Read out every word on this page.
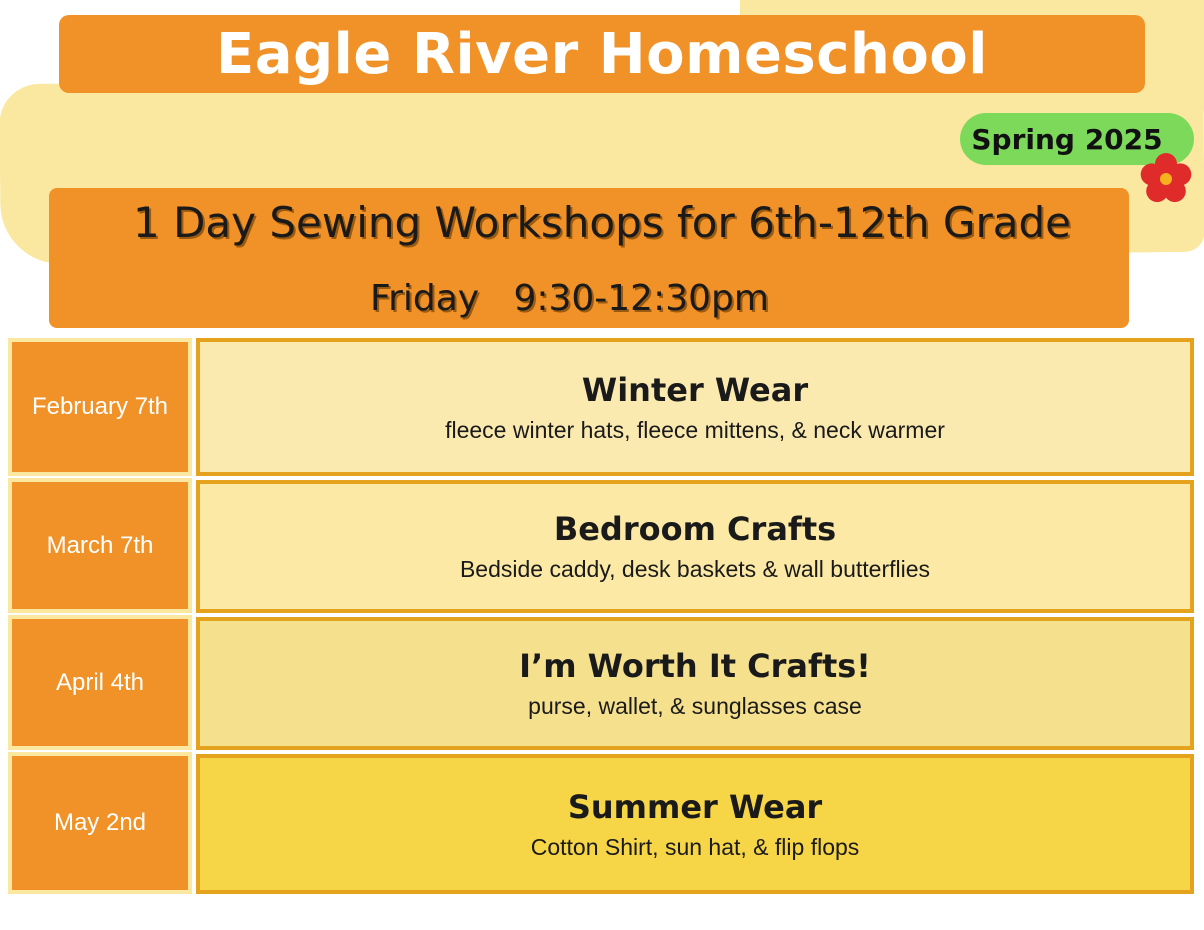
Eagle River Homeschool
Spring 2025
1 Day Sewing Workshops for 6th-12th Grade
Friday   9:30-12:30pm
February 7th	Winter Wear
fleece winter hats, fleece mittens, & neck warmer
March 7th	Bedroom Crafts
Bedside caddy, desk baskets & wall butterflies
April 4th	I’m Worth It Crafts!
purse, wallet, & sunglasses case
May 2nd	Summer Wear
Cotton Shirt, sun hat, & flip flops
